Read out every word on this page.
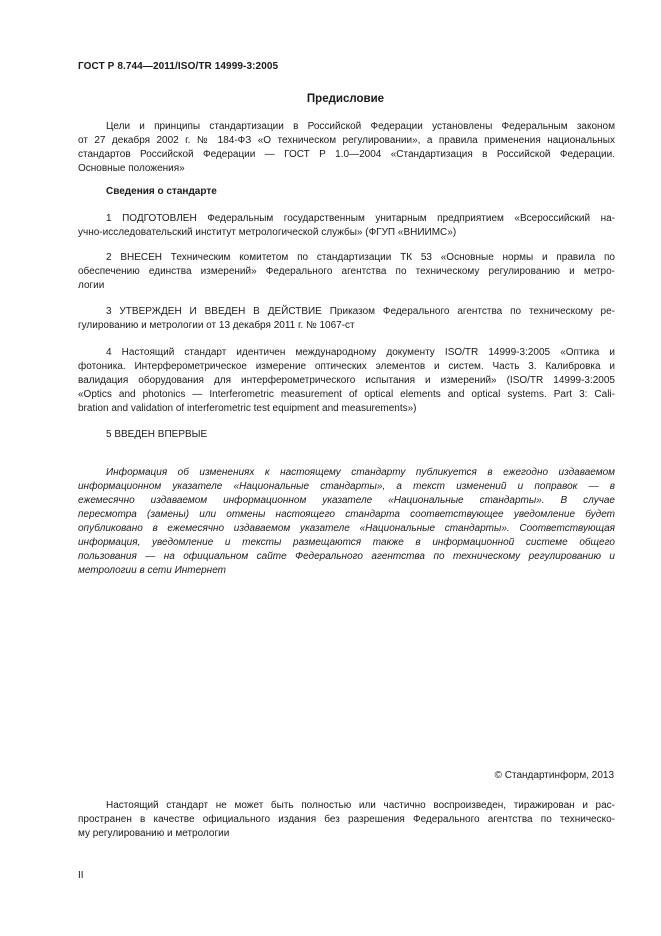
ГОСТ Р 8.744—2011/ISO/TR 14999-3:2005
Предисловие
Цели и принципы стандартизации в Российской Федерации установлены Федеральным законом
от 27 декабря 2002 г. № 184-ФЗ «О техническом регулировании», а правила применения национальных
стандартов Российской Федерации — ГОСТ Р 1.0—2004 «Стандартизация в Российской Федерации.
Основные положения»
Сведения о стандарте
1 ПОДГОТОВЛЕН Федеральным государственным унитарным предприятием «Всероссийский на-
учно-исследовательский институт метрологической службы» (ФГУП «ВНИИМС»)
2 ВНЕСЕН Техническим комитетом по стандартизации ТК 53 «Основные нормы и правила по
обеспечению единства измерений» Федерального агентства по техническому регулированию и метро-
логии
3 УТВЕРЖДЕН И ВВЕДЕН В ДЕЙСТВИЕ Приказом Федерального агентства по техническому ре-
гулированию и метрологии от 13 декабря 2011 г. № 1067-ст
4 Настоящий стандарт идентичен международному документу ISO/TR 14999-3:2005 «Оптика и
фотоника. Интерферометрическое измерение оптических элементов и систем. Часть 3. Калибровка и
валидация оборудования для интерферометрического испытания и измерений» (ISO/TR 14999-3:2005
«Optics and photonics — Interferometric measurement of optical elements and optical systems. Part 3: Cali-
bration and validation of interferometric test equipment and measurements»)
5 ВВЕДЕН ВПЕРВЫЕ
Информация об изменениях к настоящему стандарту публикуется в ежегодно издаваемом
информационном указателе «Национальные стандарты», а текст изменений и поправок — в
ежемесячно издаваемом информационном указателе «Национальные стандарты». В случае
пересмотра (замены) или отмены настоящего стандарта соответствующее уведомление будет
опубликовано в ежемесячно издаваемом указателе «Национальные стандарты». Соответствующая
информация, уведомление и тексты размещаются также в информационной системе общего
пользования — на официальном сайте Федерального агентства по техническому регулированию и
метрологии в сети Интернет
© Стандартинформ, 2013
Настоящий стандарт не может быть полностью или частично воспроизведен, тиражирован и рас-
пространен в качестве официального издания без разрешения Федерального агентства по техническо-
му регулированию и метрологии
II
